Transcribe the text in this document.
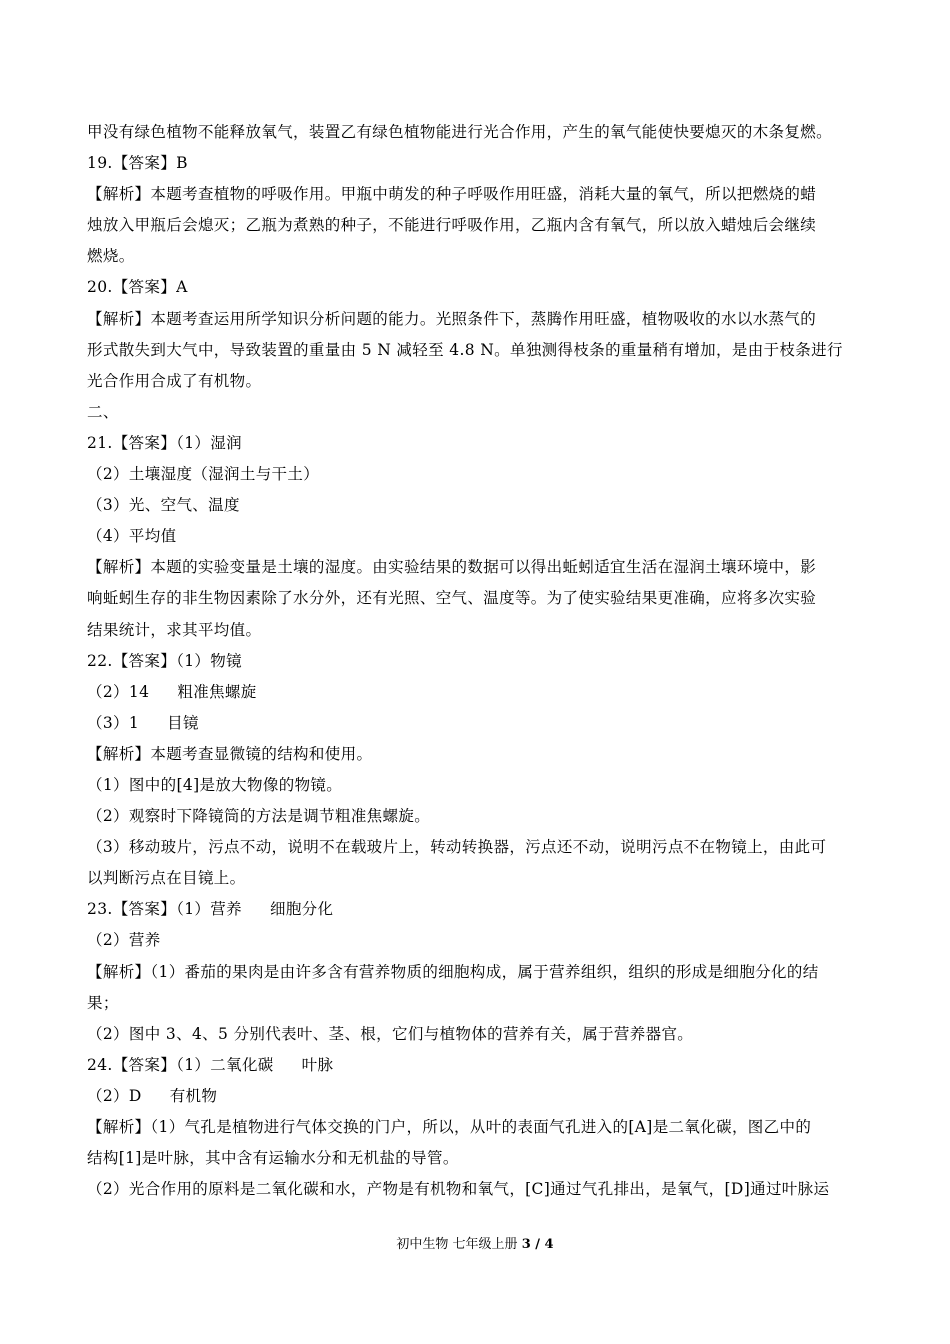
甲没有绿色植物不能释放氧气，装置乙有绿色植物能进行光合作用，产生的氧气能使快要熄灭的木条复燃。
19.【答案】B
【解析】本题考查植物的呼吸作用。甲瓶中萌发的种子呼吸作用旺盛，消耗大量的氧气，所以把燃烧的蜡
烛放入甲瓶后会熄灭；乙瓶为煮熟的种子，不能进行呼吸作用，乙瓶内含有氧气，所以放入蜡烛后会继续
燃烧。
20.【答案】A
【解析】本题考查运用所学知识分析问题的能力。光照条件下，蒸腾作用旺盛，植物吸收的水以水蒸气的
形式散失到大气中，导致装置的重量由 5 N 减轻至 4.8 N。单独测得枝条的重量稍有增加，是由于枝条进行
光合作用合成了有机物。
二、
21.【答案】（1）湿润
（2）土壤湿度（湿润土与干土）
（3）光、空气、温度
（4）平均值
【解析】本题的实验变量是土壤的湿度。由实验结果的数据可以得出蚯蚓适宜生活在湿润土壤环境中，影
响蚯蚓生存的非生物因素除了水分外，还有光照、空气、温度等。为了使实验结果更准确，应将多次实验
结果统计，求其平均值。
22.【答案】（1）物镜
（2）14 粗准焦螺旋
（3）1 目镜
【解析】本题考查显微镜的结构和使用。
（1）图中的[4]是放大物像的物镜。
（2）观察时下降镜筒的方法是调节粗准焦螺旋。
（3）移动玻片，污点不动，说明不在载玻片上，转动转换器，污点还不动，说明污点不在物镜上，由此可
以判断污点在目镜上。
23.【答案】（1）营养 细胞分化
（2）营养
【解析】（1）番茄的果肉是由许多含有营养物质的细胞构成，属于营养组织，组织的形成是细胞分化的结
果；
（2）图中 3、4、5 分别代表叶、茎、根，它们与植物体的营养有关，属于营养器官。
24.【答案】（1）二氧化碳 叶脉
（2）D 有机物
【解析】（1）气孔是植物进行气体交换的门户，所以，从叶的表面气孔进入的[A]是二氧化碳，图乙中的
结构[1]是叶脉，其中含有运输水分和无机盐的导管。
（2）光合作用的原料是二氧化碳和水，产物是有机物和氧气，[C]通过气孔排出，是氧气，[D]通过叶脉运
初中生物 七年级上册 3 / 4
